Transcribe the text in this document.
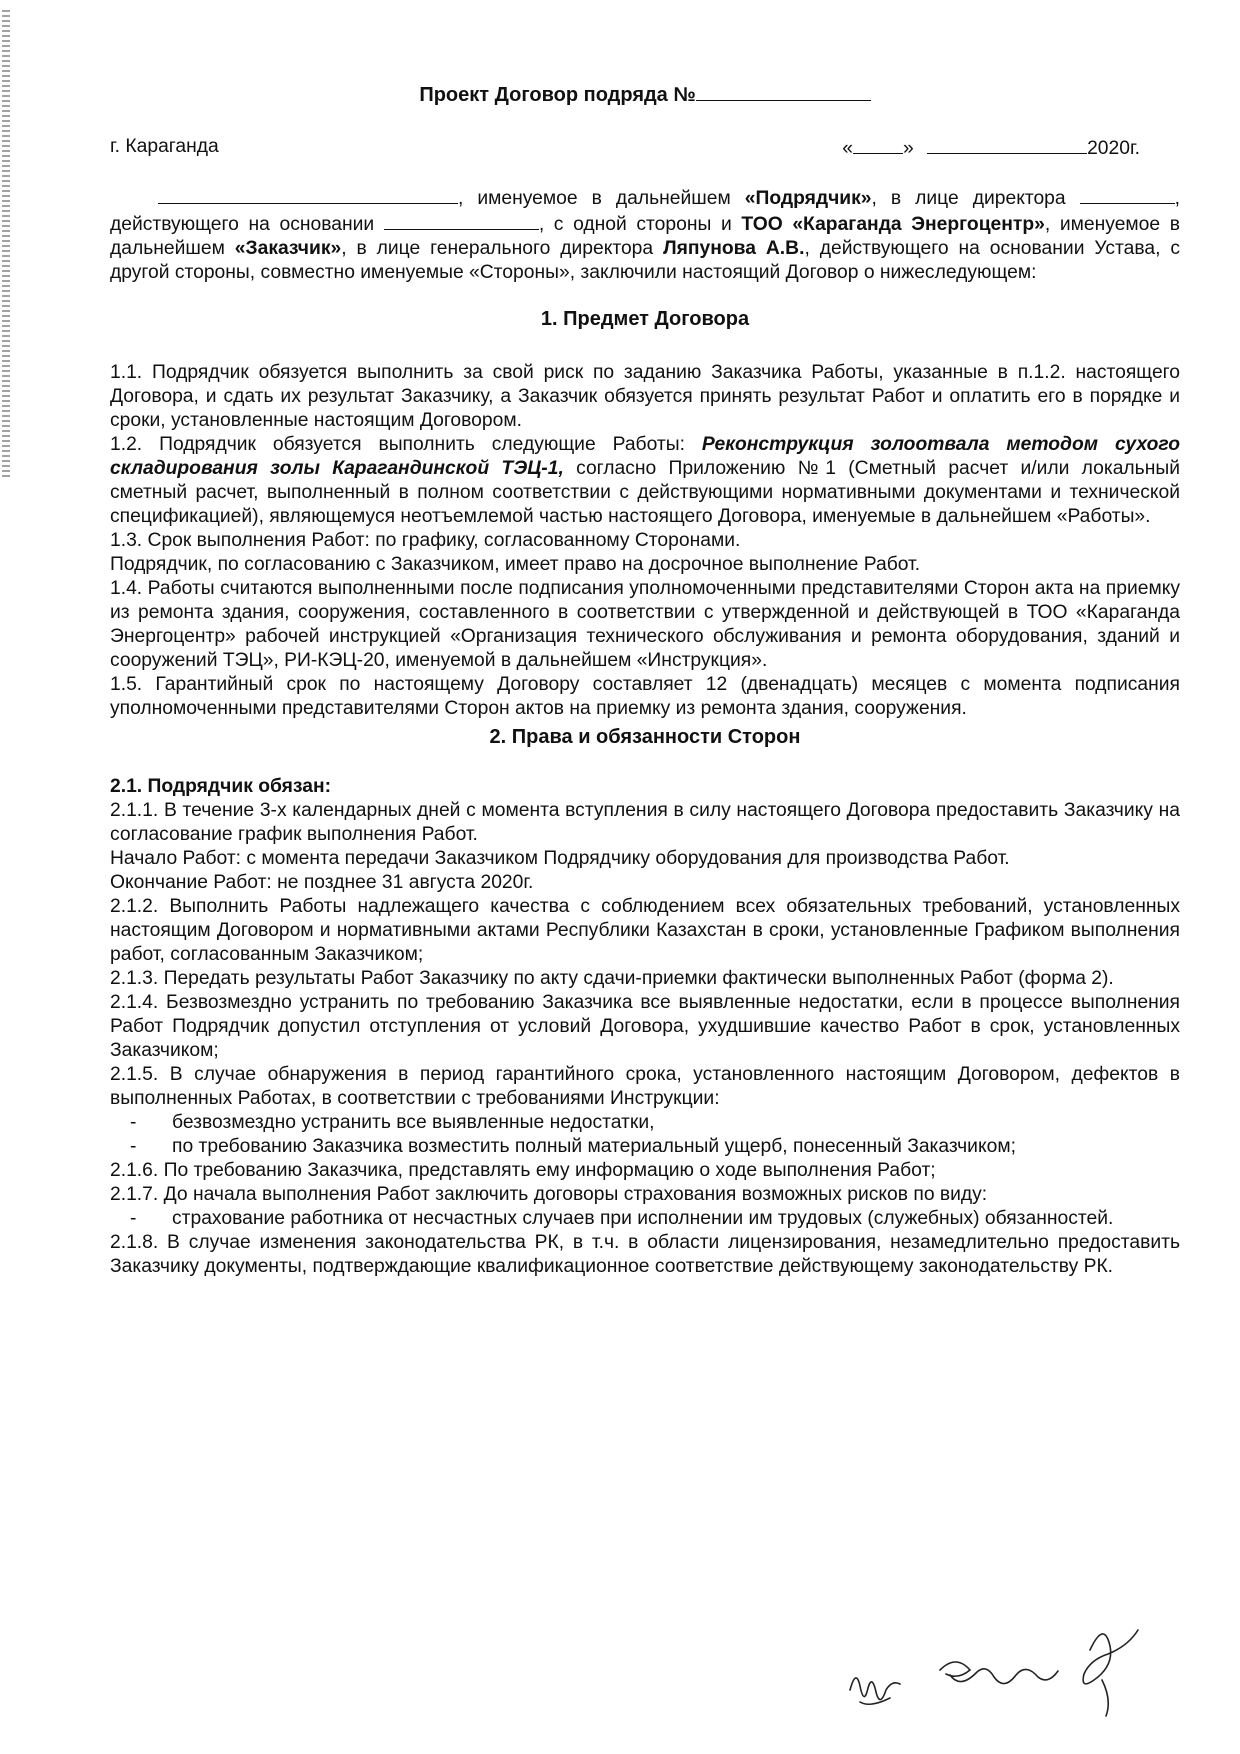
Проект Договор подряда №
г. Караганда	«	»	2020г.

, именуемое в дальнейшем «Подрядчик», в лице директора	, действующего на основании	, с одной стороны и ТОО «Караганда Энергоцентр», именуемое в дальнейшем «Заказчик», в лице генерального директора Ляпунова А.В., действующего на основании Устава, с другой стороны, совместно именуемые «Стороны», заключили настоящий Договор о нижеследующем:

1. Предмет Договора

1.1. Подрядчик обязуется выполнить за свой риск по заданию Заказчика Работы, указанные в п.1.2. настоящего Договора, и сдать их результат Заказчику, а Заказчик обязуется принять результат Работ и оплатить его в порядке и сроки, установленные настоящим Договором.

1.2. Подрядчик обязуется выполнить следующие Работы: Реконструкция золоотвала методом сухого складирования золы Карагандинской ТЭЦ-1, согласно Приложению №1 (Сметный расчет и/или локальный сметный расчет, выполненный в полном соответствии с действующими нормативными документами и технической спецификацией), являющемуся неотъемлемой частью настоящего Договора, именуемые в дальнейшем «Работы».

1.3. Срок выполнения Работ: по графику, согласованному Сторонами.

Подрядчик, по согласованию с Заказчиком, имеет право на досрочное выполнение Работ.

1.4. Работы считаются выполненными после подписания уполномоченными представителями Сторон акта на приемку из ремонта здания, сооружения, составленного в соответствии с утвержденной и действующей в ТОО «Караганда Энергоцентр» рабочей инструкцией «Организация технического обслуживания и ремонта оборудования, зданий и сооружений ТЭЦ», РИ-КЭЦ-20, именуемой в дальнейшем «Инструкция».

1.5. Гарантийный срок по настоящему Договору составляет 12 (двенадцать) месяцев с момента подписания уполномоченными представителями Сторон актов на приемку из ремонта здания, сооружения.

2. Права и обязанности Сторон

2.1. Подрядчик обязан:

2.1.1. В течение 3-х календарных дней с момента вступления в силу настоящего Договора предоставить Заказчику на согласование график выполнения Работ.

Начало Работ: с момента передачи Заказчиком Подрядчику оборудования для производства Работ.

Окончание Работ: не позднее 31 августа 2020г.

2.1.2. Выполнить Работы надлежащего качества с соблюдением всех обязательных требований, установленных настоящим Договором и нормативными актами Республики Казахстан в сроки, установленные Графиком выполнения работ, согласованным Заказчиком;

2.1.3. Передать результаты Работ Заказчику по акту сдачи-приемки фактически выполненных Работ (форма 2).

2.1.4. Безвозмездно устранить по требованию Заказчика все выявленные недостатки, если в процессе выполнения Работ Подрядчик допустил отступления от условий Договора, ухудшившие качество Работ в срок, установленных Заказчиком;

2.1.5. В случае обнаружения в период гарантийного срока, установленного настоящим Договором, дефектов в выполненных Работах, в соответствии с требованиями Инструкции:

- безвозмездно устранить все выявленные недостатки,
- по требованию Заказчика возместить полный материальный ущерб, понесенный Заказчиком;

2.1.6. По требованию Заказчика, представлять ему информацию о ходе выполнения Работ;

2.1.7. До начала выполнения Работ заключить договоры страхования возможных рисков по виду:

- страхование работника от несчастных случаев при исполнении им трудовых (служебных) обязанностей.

2.1.8. В случае изменения законодательства РК, в т.ч. в области лицензирования, незамедлительно предоставить Заказчику документы, подтверждающие квалификационное соответствие действующему законодательству РК.
